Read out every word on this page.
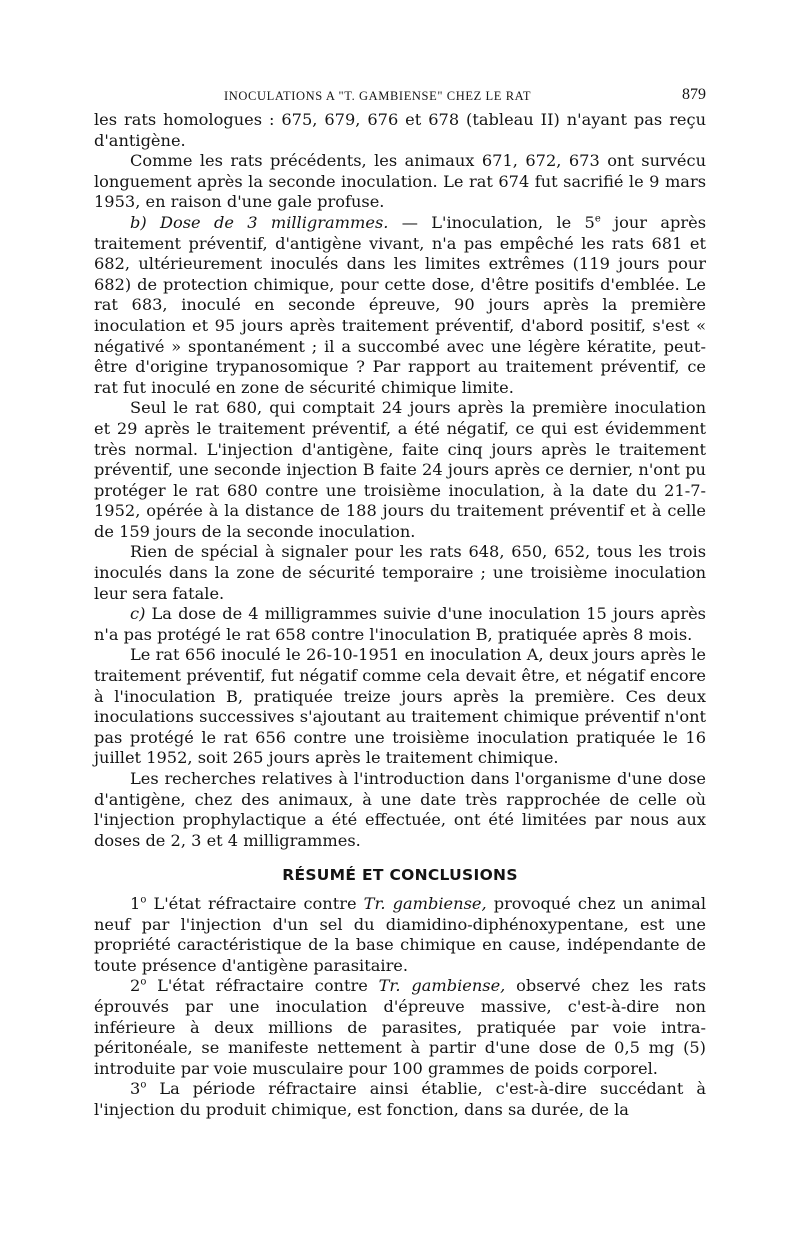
INOCULATIONS A "T. GAMBIENSE" CHEZ LE RAT	879

les rats homologues : 675, 679, 676 et 678 (tableau II) n'ayant pas reçu d'antigène.

Comme les rats précédents, les animaux 671, 672, 673 ont survécu longuement après la seconde inoculation. Le rat 674 fut sacrifié le 9 mars 1953, en raison d'une gale profuse.

b) Dose de 3 milligrammes. — L'inoculation, le 5e jour après traitement préventif, d'antigène vivant, n'a pas empêché les rats 681 et 682, ultérieurement inoculés dans les limites extrêmes (119 jours pour 682) de protection chimique, pour cette dose, d'être positifs d'emblée. Le rat 683, inoculé en seconde épreuve, 90 jours après la première inoculation et 95 jours après traitement préventif, d'abord positif, s'est « négativé » spontanément ; il a succombé avec une légère kératite, peut-être d'origine trypanosomique ? Par rapport au traitement préventif, ce rat fut inoculé en zone de sécurité chimique limite.

Seul le rat 680, qui comptait 24 jours après la première inoculation et 29 après le traitement préventif, a été négatif, ce qui est évidemment très normal. L'injection d'antigène, faite cinq jours après le traitement préventif, une seconde injection B faite 24 jours après ce dernier, n'ont pu protéger le rat 680 contre une troisième inoculation, à la date du 21-7-1952, opérée à la distance de 188 jours du traitement préventif et à celle de 159 jours de la seconde inoculation.

Rien de spécial à signaler pour les rats 648, 650, 652, tous les trois inoculés dans la zone de sécurité temporaire ; une troisième inoculation leur sera fatale.

c) La dose de 4 milligrammes suivie d'une inoculation 15 jours après n'a pas protégé le rat 658 contre l'inoculation B, pratiquée après 8 mois.

Le rat 656 inoculé le 26-10-1951 en inoculation A, deux jours après le traitement préventif, fut négatif comme cela devait être, et négatif encore à l'inoculation B, pratiquée treize jours après la première. Ces deux inoculations successives s'ajoutant au traitement chimique préventif n'ont pas protégé le rat 656 contre une troisième inoculation pratiquée le 16 juillet 1952, soit 265 jours après le traitement chimique.

Les recherches relatives à l'introduction dans l'organisme d'une dose d'antigène, chez des animaux, à une date très rapprochée de celle où l'injection prophylactique a été effectuée, ont été limitées par nous aux doses de 2, 3 et 4 milligrammes.

RÉSUMÉ ET CONCLUSIONS

1$^o$ L'état réfractaire contre Tr. gambiense, provoqué chez un animal neuf par l'injection d'un sel du diamidino-diphénoxypentane, est une propriété caractéristique de la base chimique en cause, indépendante de toute présence d'antigène parasitaire.

2$^o$ L'état réfractaire contre Tr. gambiense, observé chez les rats éprouvés par une inoculation d'épreuve massive, c'est-à-dire non inférieure à deux millions de parasites, pratiquée par voie intra-péritonéale, se manifeste nettement à partir d'une dose de 0,5 mg (5) introduite par voie musculaire pour 100 grammes de poids corporel.

3$^o$ La période réfractaire ainsi établie, c'est-à-dire succédant à l'injection du produit chimique, est fonction, dans sa durée, de la
